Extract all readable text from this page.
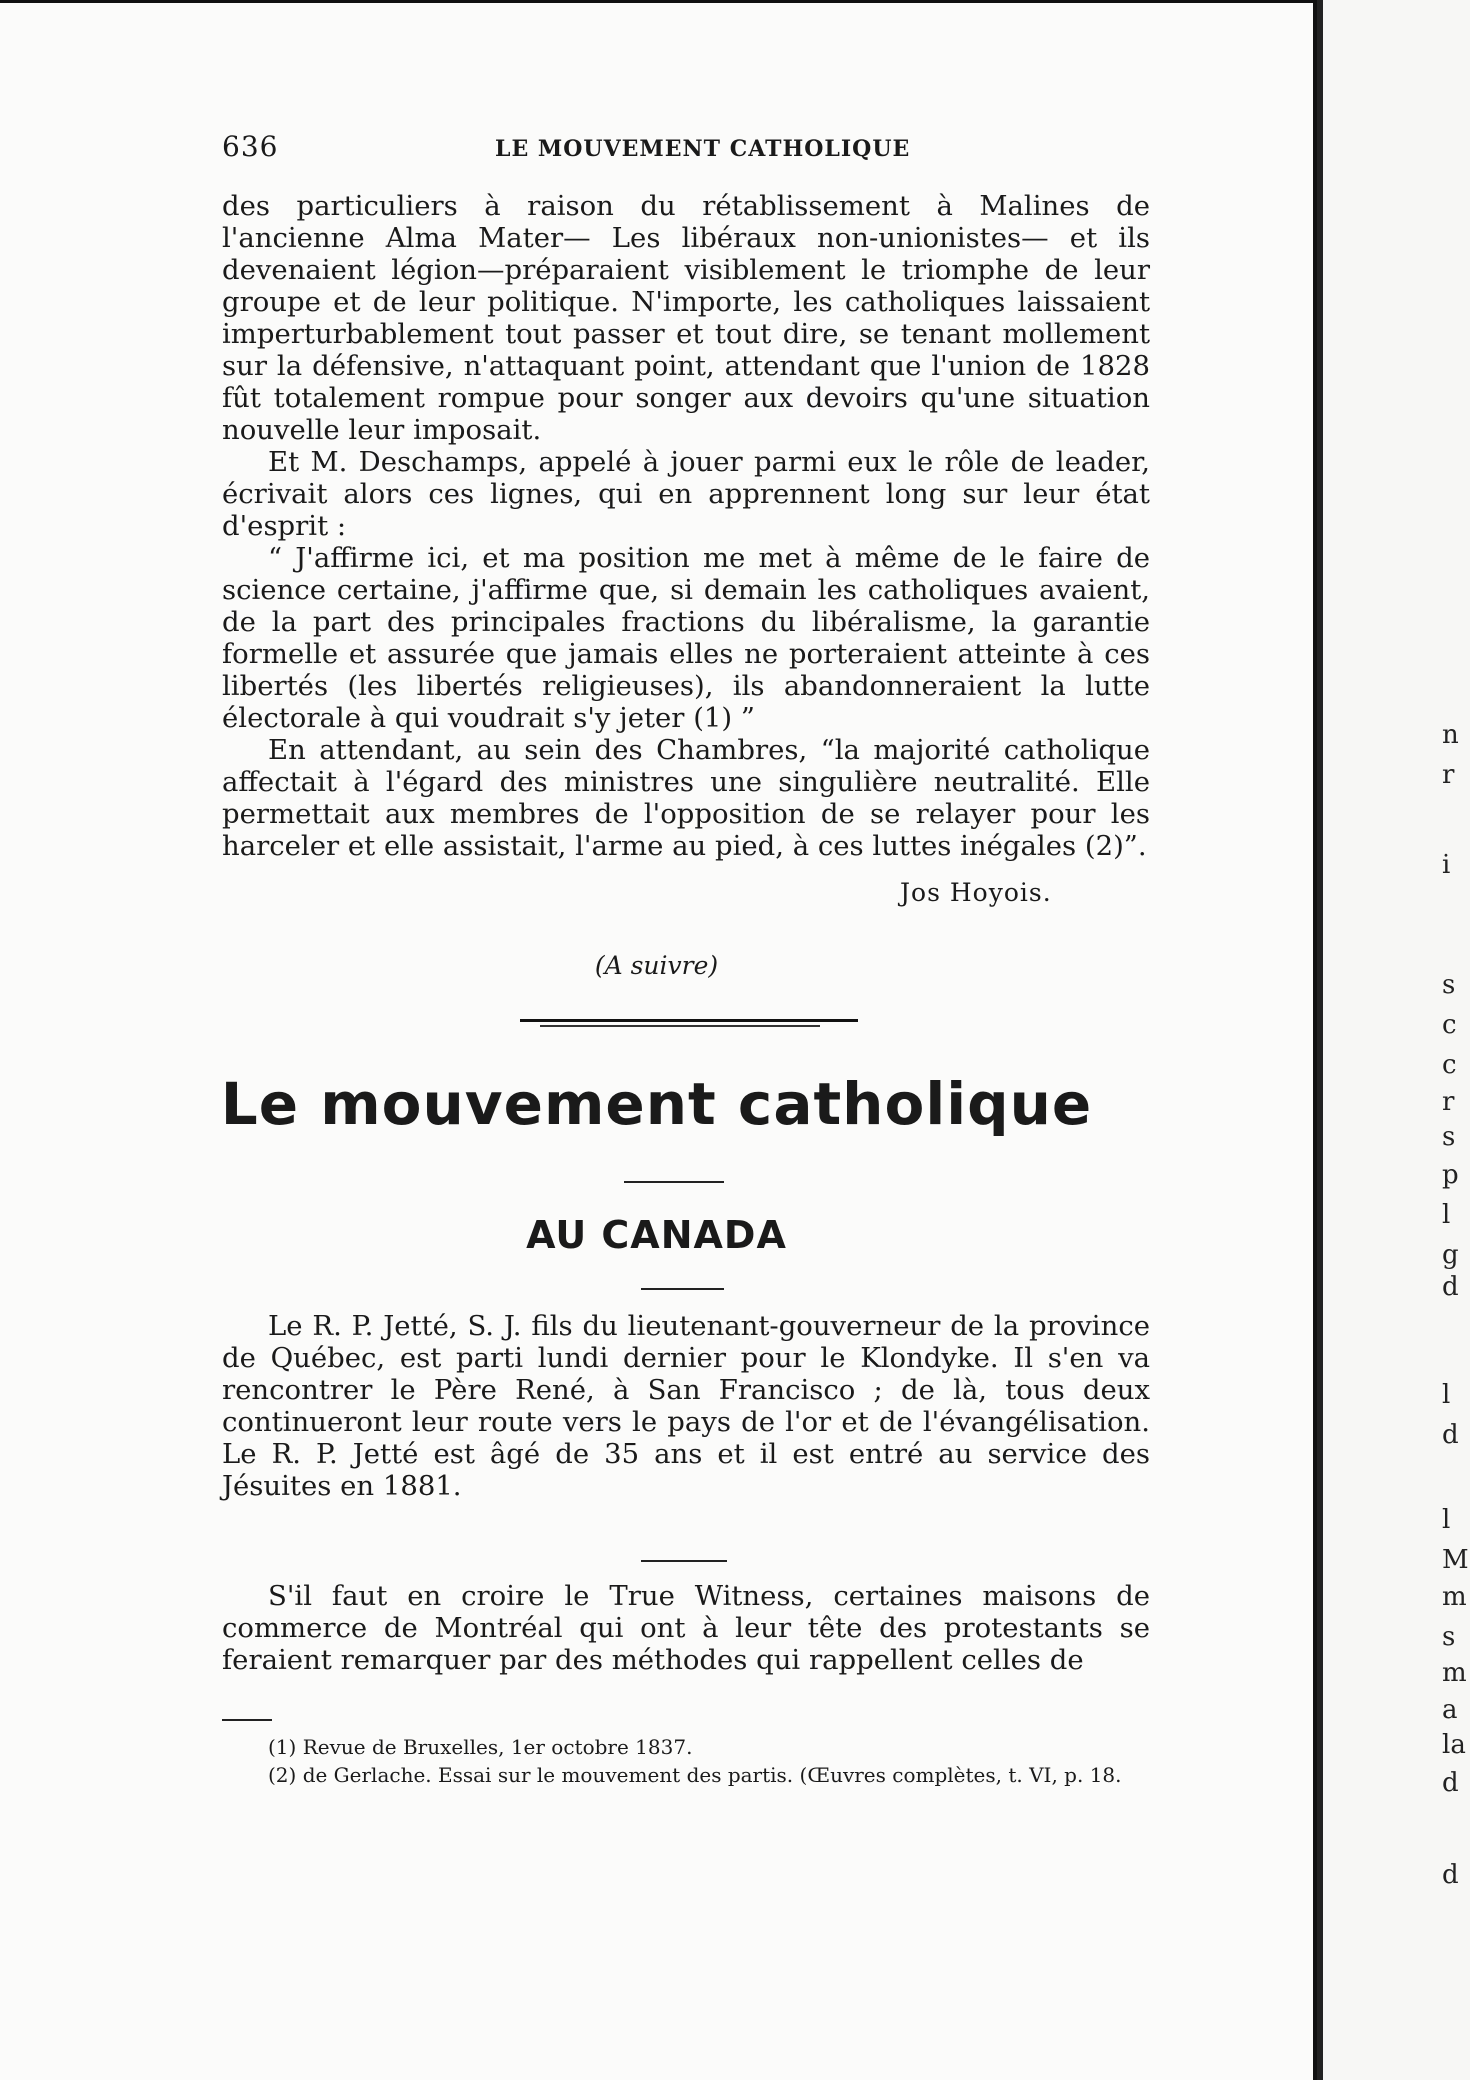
636	LE MOUVEMENT CATHOLIQUE

des particuliers à raison du rétablissement à Malines de l'ancienne Alma Mater— Les libéraux non-unionistes— et ils devenaient légion—préparaient visiblement le triomphe de leur groupe et de leur politique. N'importe, les catholiques laissaient imperturbablement tout passer et tout dire, se tenant mollement sur la défensive, n'attaquant point, attendant que l'union de 1828 fût totalement rompue pour songer aux devoirs qu'une situation nouvelle leur imposait.

Et M. Deschamps, appelé à jouer parmi eux le rôle de leader, écrivait alors ces lignes, qui en apprennent long sur leur état d'esprit :

“ J'affirme ici, et ma position me met à même de le faire de science certaine, j'affirme que, si demain les catholiques avaient, de la part des principales fractions du libéralisme, la garantie formelle et assurée que jamais elles ne porteraient atteinte à ces libertés (les libertés religieuses), ils abandonneraient la lutte électorale à qui voudrait s'y jeter (1) ”

En attendant, au sein des Chambres, “la majorité catholique affectait à l'égard des ministres une singulière neutralité. Elle permettait aux membres de l'opposition de se relayer pour les harceler et elle assistait, l'arme au pied, à ces luttes inégales (2)”.

Jos Hoyois.
(A suivre)
Le mouvement catholique
AU CANADA

Le R. P. Jetté, S. J. fils du lieutenant-gouverneur de la province de Québec, est parti lundi dernier pour le Klondyke. Il s'en va rencontrer le Père René, à San Francisco ; de là, tous deux continueront leur route vers le pays de l'or et de l'évangélisation. Le R. P. Jetté est âgé de 35 ans et il est entré au service des Jésuites en 1881.

S'il faut en croire le True Witness, certaines maisons de commerce de Montréal qui ont à leur tête des protestants se feraient remarquer par des méthodes qui rappellent celles de

(1) Revue de Bruxelles, 1er octobre 1837.

(2) de Gerlache. Essai sur le mouvement des partis. (Œuvres complètes, t. VI, p. 18.

n
r
i
s
c
c
r
s
p
l
g
d
l
d
l
M
m
s
m
a
la
d
d
